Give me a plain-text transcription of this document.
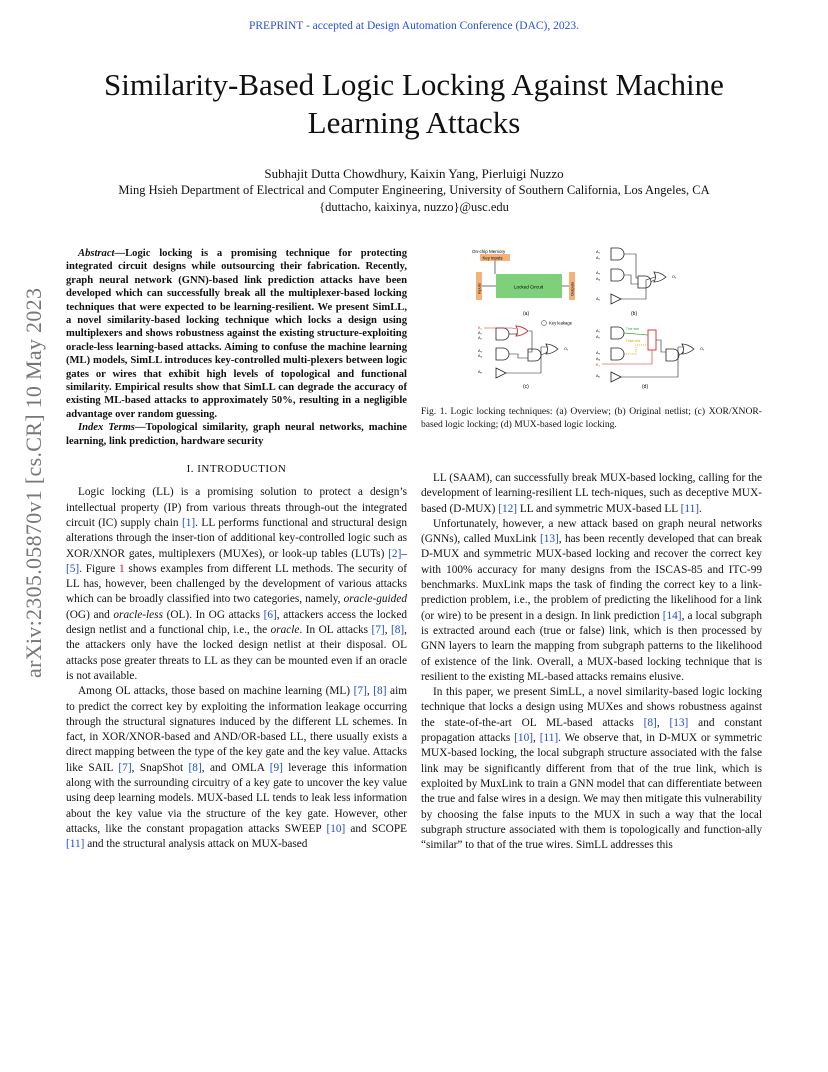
PREPRINT - accepted at Design Automation Conference (DAC), 2023.
Similarity-Based Logic Locking Against Machine Learning Attacks
Subhajit Dutta Chowdhury, Kaixin Yang, Pierluigi Nuzzo
Ming Hsieh Department of Electrical and Computer Engineering, University of Southern California, Los Angeles, CA
{duttacho, kaixinya, nuzzo}@usc.edu
arXiv:2305.05870v1 [cs.CR] 10 May 2023

Abstract—Logic locking is a promising technique for protecting integrated circuit designs while outsourcing their fabrication. Recently, graph neural network (GNN)-based link prediction attacks have been developed which can successfully break all the multiplexer-based locking techniques that were expected to be learning-resilient. We present SimLL, a novel similarity-based locking technique which locks a design using multiplexers and shows robustness against the existing structure-exploiting oracle-less learning-based attacks. Aiming to confuse the machine learning (ML) models, SimLL introduces key-controlled multi-plexers between logic gates or wires that exhibit high levels of topological and functional similarity. Empirical results show that SimLL can degrade the accuracy of existing ML-based attacks to approximately 50%, resulting in a negligible advantage over random guessing.

Index Terms—Topological similarity, graph neural networks, machine learning, link prediction, hardware security

I. INTRODUCTION

Logic locking (LL) is a promising solution to protect a design’s intellectual property (IP) from various threats through-out the integrated circuit (IC) supply chain [1]. LL performs functional and structural design alterations through the inser-tion of additional key-controlled logic such as XOR/XNOR gates, multiplexers (MUXes), or look-up tables (LUTs) [2]–[5]. Figure 1 shows examples from different LL methods. The security of LL has, however, been challenged by the development of various attacks which can be broadly classified into two categories, namely, oracle-guided (OG) and oracle-less (OL). In OG attacks [6], attackers access the locked design netlist and a functional chip, i.e., the oracle. In OL attacks [7], [8], the attackers only have the locked design netlist at their disposal. OL attacks pose greater threats to LL as they can be mounted even if an oracle is not available.

Among OL attacks, those based on machine learning (ML) [7], [8] aim to predict the correct key by exploiting the information leakage occurring through the structural signatures induced by the different LL schemes. In fact, in XOR/XNOR-based and AND/OR-based LL, there usually exists a direct mapping between the type of the key gate and the key value. Attacks like SAIL [7], SnapShot [8], and OMLA [9] leverage this information along with the surrounding circuitry of a key gate to uncover the key value using deep learning models. MUX-based LL tends to leak less information about the key value via the structure of the key gate. However, other attacks, like the constant propagation attacks SWEEP [10] and SCOPE [11] and the structural analysis attack on MUX-based

On-chip Memory
Key inputs
Inputs	Locked Circuit	Outputs
(a)
A₁
A₂
A₃
A₄	O₁
A₅
(b)
K₁
A₁
A₂
Key leakage
A₃
A₄
O₁
A₅
(c)
A₁
A₂
True wire
False wire
A₃
A₄
K₁
O₁
A₅
(d)
Fig. 1. Logic locking techniques: (a) Overview; (b) Original netlist; (c) XOR/XNOR-based logic locking; (d) MUX-based logic locking.

LL (SAAM), can successfully break MUX-based locking, calling for the development of learning-resilient LL tech-niques, such as deceptive MUX-based (D-MUX) [12] LL and symmetric MUX-based LL [11].

Unfortunately, however, a new attack based on graph neural networks (GNNs), called MuxLink [13], has been recently developed that can break D-MUX and symmetric MUX-based locking and recover the correct key with 100% accuracy for many designs from the ISCAS-85 and ITC-99 benchmarks. MuxLink maps the task of finding the correct key to a link-prediction problem, i.e., the problem of predicting the likelihood for a link (or wire) to be present in a design. In link prediction [14], a local subgraph is extracted around each (true or false) link, which is then processed by GNN layers to learn the mapping from subgraph patterns to the likelihood of existence of the link. Overall, a MUX-based locking technique that is resilient to the existing ML-based attacks remains elusive.

In this paper, we present SimLL, a novel similarity-based logic locking technique that locks a design using MUXes and shows robustness against the state-of-the-art OL ML-based attacks [8], [13] and constant propagation attacks [10], [11]. We observe that, in D-MUX or symmetric MUX-based locking, the local subgraph structure associated with the false link may be significantly different from that of the true link, which is exploited by MuxLink to train a GNN model that can differentiate between the true and false wires in a design. We may then mitigate this vulnerability by choosing the false inputs to the MUX in such a way that the local subgraph structure associated with them is topologically and function-ally “similar” to that of the true wires. SimLL addresses this
